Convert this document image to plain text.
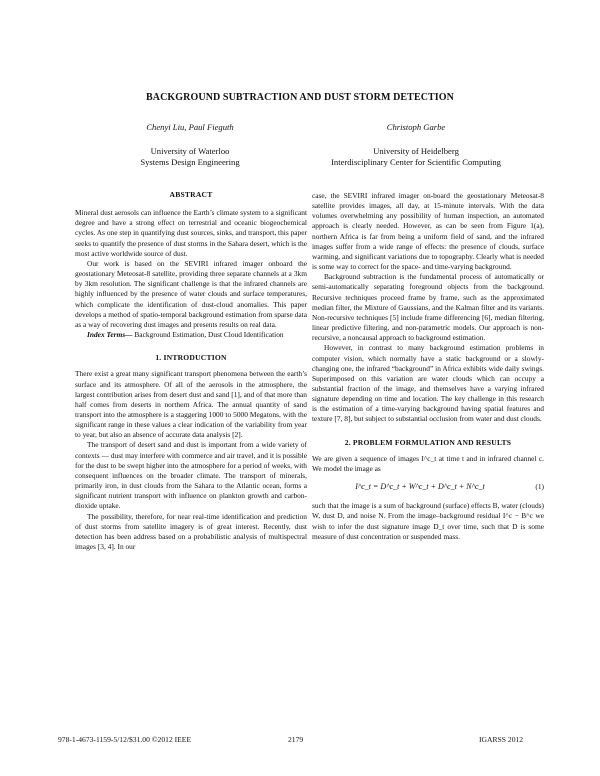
BACKGROUND SUBTRACTION AND DUST STORM DETECTION
Chenyi Liu, Paul Fieguth
University of Waterloo
Systems Design Engineering
Christoph Garbe
University of Heidelberg
Interdisciplinary Center for Scientific Computing
ABSTRACT

Mineral dust aerosols can influence the Earth’s climate system to a significant degree and have a strong effect on terrestrial and oceanic biogeochemical cycles. As one step in quantifying dust sources, sinks, and transport, this paper seeks to quantify the presence of dust storms in the Sahara desert, which is the most active worldwide source of dust.

Our work is based on the SEVIRI infrared imager onboard the geostationary Meteosat-8 satellite, providing three separate channels at a 3km by 3km resolution. The significant challenge is that the infrared channels are highly influenced by the presence of water clouds and surface temperatures, which complicate the identification of dust-cloud anomalies. This paper develops a method of spatio-temporal background estimation from sparse data as a way of recovering dust images and presents results on real data.

Index Terms— Background Estimation, Dust Cloud Identification

1. INTRODUCTION

There exist a great many significant transport phenomena between the earth’s surface and its atmosphere. Of all of the aerosols in the atmosphere, the largest contribution arises from desert dust and sand [1], and of that more than half comes from deserts in northern Africa. The annual quantity of sand transport into the atmosphere is a staggering 1000 to 5000 Megatons, with the significant range in these values a clear indication of the variability from year to year, but also an absence of accurate data analysis [2].

The transport of desert sand and dust is important from a wide variety of contexts — dust may interfere with commerce and air travel, and it is possible for the dust to be swept higher into the atmosphere for a period of weeks, with consequent influences on the broader climate. The transport of minerals, primarily iron, in dust clouds from the Sahara to the Atlantic ocean, forms a significant nutrient transport with influence on plankton growth and carbon-dioxide uptake.

The possibility, therefore, for near real-time identification and prediction of dust storms from satellite imagery is of great interest. Recently, dust detection has been address based on a probabilistic analysis of multispectral images [3, 4]. In our

case, the SEVIRI infrared imager on-board the geostationary Meteosat-8 satellite provides images, all day, at 15-minute intervals. With the data volumes overwhelming any possibility of human inspection, an automated approach is clearly needed. However, as can be seen from Figure 1(a), northern Africa is far from being a uniform field of sand, and the infrared images suffer from a wide range of effects: the presence of clouds, surface warming, and significant variations due to topography. Clearly what is needed is some way to correct for the space- and time-varying background.

Background subtraction is the fundamental process of automatically or semi-automatically separating foreground objects from the background. Recursive techniques proceed frame by frame, such as the approximated median filter, the Mixture of Gaussians, and the Kalman filter and its variants. Non-recursive techniques [5] include frame differencing [6], median filtering, linear predictive filtering, and non-parametric models. Our approach is non-recursive, a noncausal approach to background estimation.

However, in contrast to many background estimation problems in computer vision, which normally have a static background or a slowly-changing one, the infrared “background” in Africa exhibits wide daily swings. Superimposed on this variation are water clouds which can occupy a substantial fraction of the image, and themselves have a varying infrared signature depending on time and location. The key challenge in this research is the estimation of a time-varying background having spatial features and texture [7, 8], but subject to substantial occlusion from water and dust clouds.

2. PROBLEM FORMULATION AND RESULTS

We are given a sequence of images I^c_t at time t and in infrared channel c. We model the image as

I^c_t = D^c_t + W^c_t + D^c_t + N^c_t	(1)

such that the image is a sum of background (surface) effects B, water (clouds) W, dust D, and noise N. From the image–background residual I^c − B^c we wish to infer the dust signature image D_t over time, such that D is some measure of dust concentration or suspended mass.

978-1-4673-1159-5/12/$31.00 ©2012 IEEE	2179	IGARSS 2012
